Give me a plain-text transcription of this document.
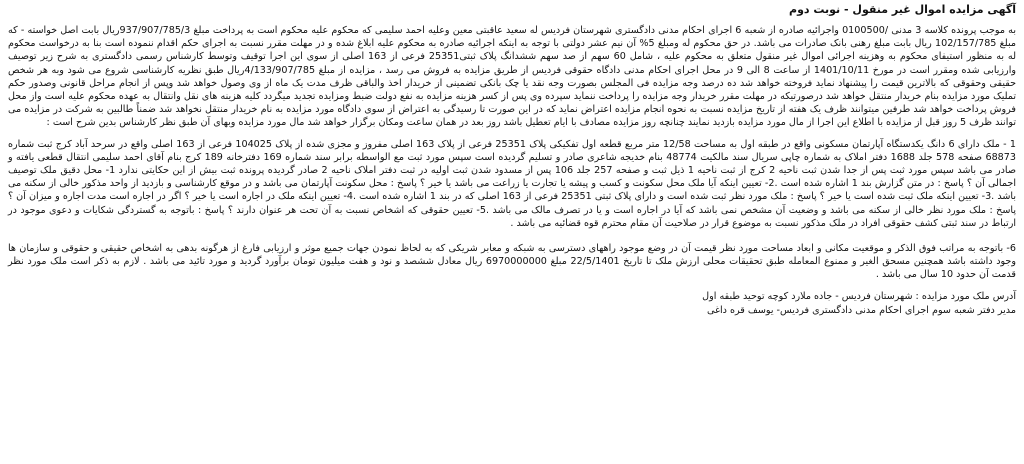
آگهی مزایده اموال غیر منقول - نوبت دوم

به موجب پرونده کلاسه 3 مدنی /0100500 واجرائیه صادره از شعبه 6 اجرای احکام مدنی دادگستری شهرستان فردیس له سعید عاقبتی معین وعلیه احمد سلیمی که محکوم علیه محکوم است به پرداخت مبلغ 937/907/785/3ریال بابت اصل خواسته - که مبلغ 102/157/785 ریال بابت مبلغ رهنی بانک صادرات می باشد. در حق محکوم له ومبلغ 5% آن نیم عشر دولتی با توجه به اینکه اجرائیه صادره به محکوم علیه ابلاغ شده و در مهلت مقرر نسبت به اجرای حکم اقدام ننموده است بنا به درخواست محکوم له به منظور استیفای محکوم به وهزینه اجرائی اموال غیر منقول متعلق به محکوم علیه ، شامل 60 سهم از صد سهم ششدانگ پلاک ثبتی25351 فرعی از 163 اصلی از سوی این اجرا توقیف وتوسط کارشناس رسمی دادگستری به شرح زیر توصیف وارزیابی شده ومقرر است در مورخ 1401/10/11 از ساعت 8 الی 9 در محل اجرای احکام مدنی دادگاه حقوقی فردیس از طریق مزایده به فروش می رسد ، مزایده از مبلغ 4/133/907/785ریال طبق نظریه کارشناسی شروع می شود وبه هر شخص حقیقی وحقوقی که بالاترین قیمت را پیشنهاد نماید فروخته خواهد شد ده درصد وجه مزایده فی المجلس بصورت وجه نقد یا چک بانکی تضمینی از خریدار اخذ والباقی ظرف مدت یک ماه از وی وصول خواهد شد وپس از انجام مراحل قانونی وصدور حکم تملیک مورد مزایده بنام خریدار منتقل خواهد شد درصورتیکه در مهلت مقرر خریدار وجه مزایده را پرداخت ننماید سپرده وی پس از کسر هزینه مزایده به نفع دولت ضبط ومزایده تجدید میگردد کلیه هزینه های نقل وانتقال به عهده محکوم علیه است واز محل فروش پرداخت خواهد شد طرفین میتوانند ظرف یک هفته از تاریخ مزایده نسبت به نحوه انجام مزایده اعتراض نماید که در این صورت تا رسیدگی به اعتراض از سوی دادگاه مورد مزایده به نام خریدار منتقل نخواهد شد ضمناً طالبین به شرکت در مزایده می توانند ظرف 5 روز قبل از مزایده با اطلاع این اجرا از مال مورد مزایده بازدید نمایند چنانچه روز مزایده مصادف با ایام تعطیل باشد روز بعد در همان ساعت ومکان برگزار خواهد شد مال مورد مزایده وبهای آن طبق نظر کارشناس بدین شرح است :

1 - ملک دارای 6 دانگ یکدستگاه آپارتمان مسکونی واقع در طبقه اول به مساحت 12/58 متر مربع قطعه اول تفکیکی پلاک 25351 فرعی از پلاک 163 اصلی مفروز و مجزی شده از پلاک 104025 فرعی از 163 اصلی واقع در سرحد آباد کرج ثبت شماره 68873 صفحه 578 جلد 1688 دفتر املاک به شماره چاپی سریال سند مالکیت 48774 بنام خدیجه شاعری صادر و تسلیم گردیده است سپس مورد ثبت مع الواسطه برابر سند شماره 169 دفترخانه 189 کرج بنام آقای احمد سلیمی انتقال قطعی یافته و صادر می باشد سپس مورد ثبت پس از جدا شدن ثبت ناحیه 2 کرج از ثبت ناحیه 1 ذیل ثبت و صفحه 257 جلد 106 پس از مسدود شدن ثبت اولیه در ثبت دفتر املاک ناحیه 2 صادر گردیده پرونده ثبت بیش از این حکایتی ندارد 1- محل دقیق ملک توصیف اجمالی آن ؟ پاسخ : در متن گزارش بند 1 اشاره شده است .2- تعیین اینکه آیا ملک محل سکونت و کسب و پیشه یا تجارت یا زراعت می باشد یا خیر ؟ پاسخ : محل سکونت آپارتمان می باشد و در موقع کارشناسی و بازدید از واحد مذکور خالی از سکنه می باشد .3- تعیین اینکه ملک ثبت شده است یا خیر ؟ پاسخ : ملک مورد نظر ثبت شده است و دارای پلاک ثبتی 25351 فرعی از 163 اصلی که در بند 1 اشاره شده است .4- تعیین اینکه ملک در اجاره است یا خیر ؟ اگر در اجاره است مدت اجاره و میزان آن ؟ پاسخ : ملک مورد نظر خالی از سکنه می باشد و وضعیت آن مشخص نمی باشد که آیا در اجاره است و یا در تصرف مالک می باشد .5- تعیین حقوقی که اشخاص نسبت به آن تحت هر عنوان دارند ؟ پاسخ : باتوجه به گستردگی شکایات و دعوی موجود در ارتباط در سند ثبتی کشف حقوقی افراد در ملک مذکور نسبت به موضوع قرار در صلاحیت آن مقام محترم قوه قضائیه می باشد .

6- باتوجه به مراتب فوق الذکر و موقعیت مکانی و ابعاد مساحت مورد نظر قیمت آن در وضع موجود راههای دسترسی به شبکه و معابر شریکی که به لحاظ نمودن جهات جمیع موثر و ارزیابی فارغ از هرگونه بدهی به اشخاص حقیقی و حقوقی و سازمان ها وجود داشته باشد همچنین مسحق الغیر و ممنوع المعامله طبق تحقیقات محلی ارزش ملک تا تاریخ 22/5/1401 مبلغ 6970000000 ریال معادل ششصد و نود و هفت میلیون تومان برآورد گردید و مورد تائید می باشد . لازم به ذکر است ملک مورد نظر قدمت آن حدود 10 سال می باشد .

آدرس ملک مورد مزایده : شهرستان فردیس - جاده ملارد کوچه توحید طبقه اول

مدیر دفتر شعبه سوم اجرای احکام مدنی دادگستری فردیس- یوسف قره داغی
